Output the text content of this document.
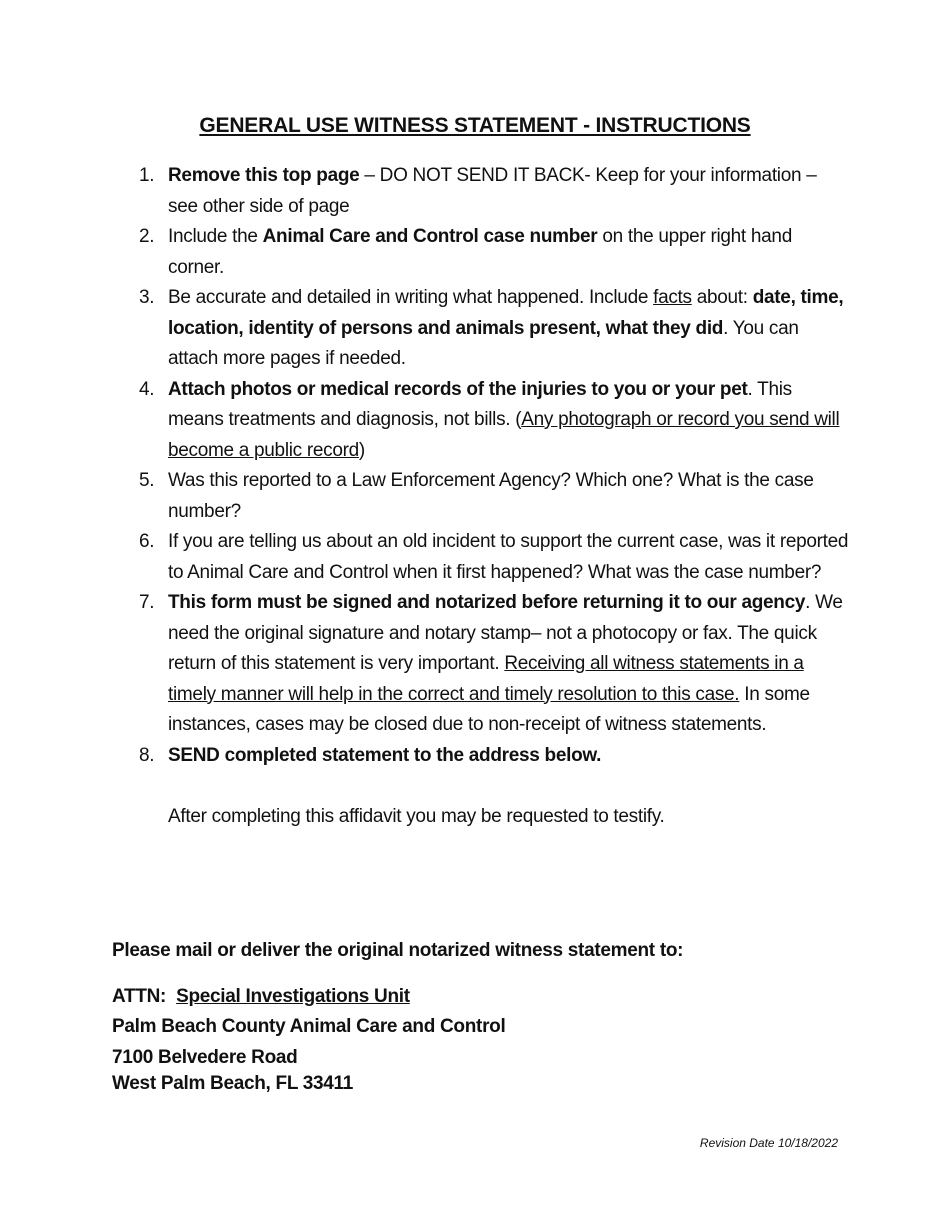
GENERAL USE WITNESS STATEMENT - INSTRUCTIONS
1. Remove this top page – DO NOT SEND IT BACK- Keep for your information – see other side of page
2. Include the Animal Care and Control case number on the upper right hand corner.
3. Be accurate and detailed in writing what happened. Include facts about: date, time, location, identity of persons and animals present, what they did. You can attach more pages if needed.
4. Attach photos or medical records of the injuries to you or your pet. This means treatments and diagnosis, not bills. (Any photograph or record you send will become a public record)
5. Was this reported to a Law Enforcement Agency? Which one? What is the case number?
6. If you are telling us about an old incident to support the current case, was it reported to Animal Care and Control when it first happened? What was the case number?
7. This form must be signed and notarized before returning it to our agency. We need the original signature and notary stamp– not a photocopy or fax. The quick return of this statement is very important. Receiving all witness statements in a timely manner will help in the correct and timely resolution to this case. In some instances, cases may be closed due to non-receipt of witness statements.
8. SEND completed statement to the address below.
After completing this affidavit you may be requested to testify.
Please mail or deliver the original notarized witness statement to:
ATTN: Special Investigations Unit
Palm Beach County Animal Care and Control
7100 Belvedere Road
West Palm Beach, FL 33411
Revision Date 10/18/2022
